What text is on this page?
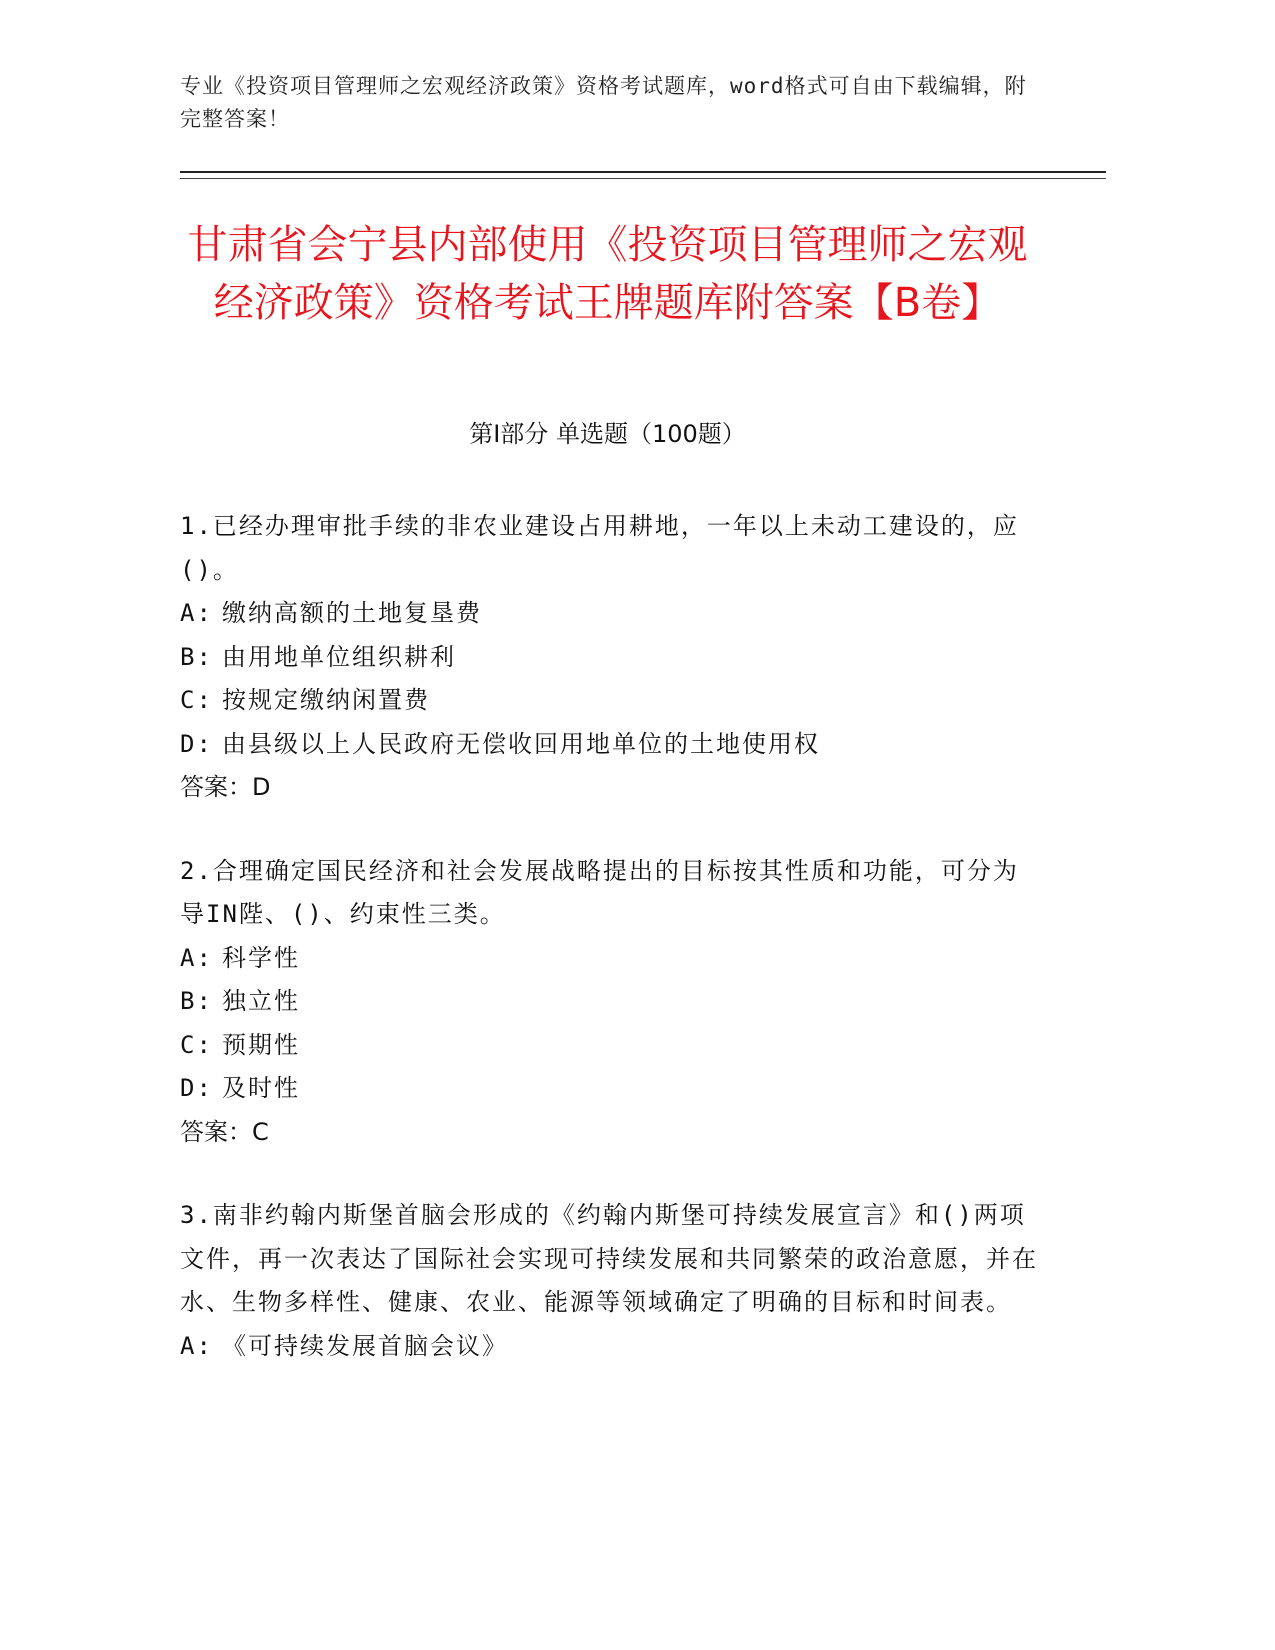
专业《投资项目管理师之宏观经济政策》资格考试题库，word格式可自由下载编辑，附完整答案！
甘肃省会宁县内部使用《投资项目管理师之宏观经济政策》资格考试王牌题库附答案【B卷】
第I部分 单选题（100题）
1.已经办理审批手续的非农业建设占用耕地，一年以上未动工建设的，应()。
A: 缴纳高额的土地复垦费
B: 由用地单位组织耕利
C: 按规定缴纳闲置费
D: 由县级以上人民政府无偿收回用地单位的土地使用权
答案：D
2.合理确定国民经济和社会发展战略提出的目标按其性质和功能，可分为导IN陛、()、约束性三类。
A: 科学性
B: 独立性
C: 预期性
D: 及时性
答案：C
3.南非约翰内斯堡首脑会形成的《约翰内斯堡可持续发展宣言》和()两项文件，再一次表达了国际社会实现可持续发展和共同繁荣的政治意愿，并在水、生物多样性、健康、农业、能源等领域确定了明确的目标和时间表。
A: 《可持续发展首脑会议》
